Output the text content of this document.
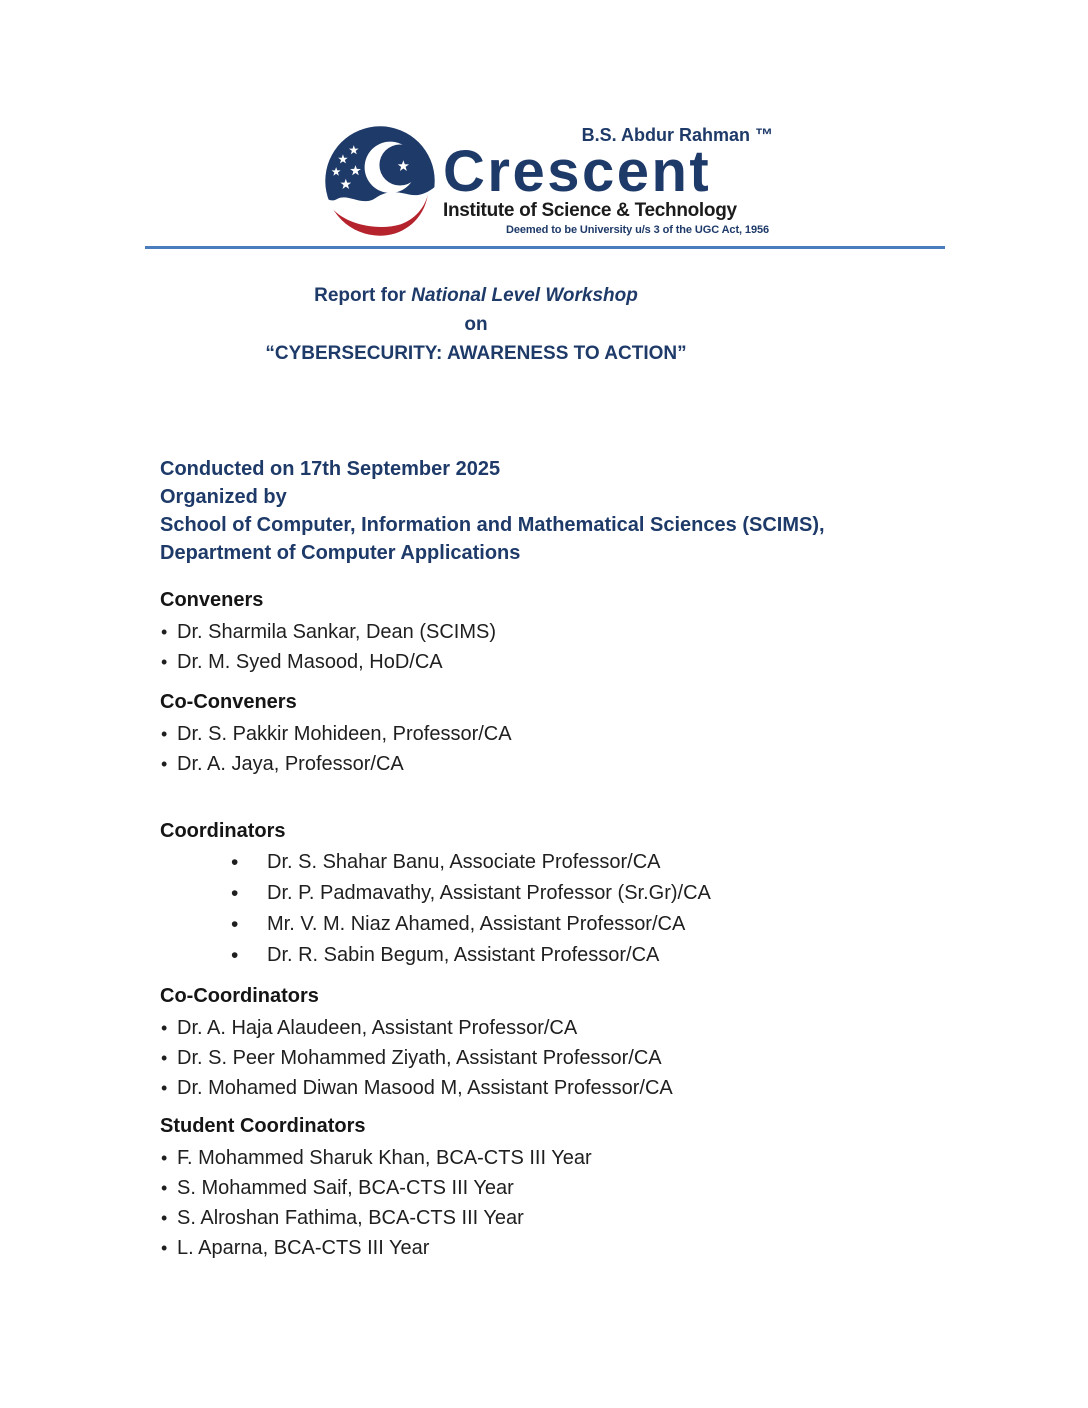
B.S. Abdur Rahman ™
Crescent
Institute of Science & Technology
Deemed to be University u/s 3 of the UGC Act, 1956
Report for National Level Workshop
on
“CYBERSECURITY: AWARENESS TO ACTION”

Conducted on 17th September 2025

Organized by

School of Computer, Information and Mathematical Sciences (SCIMS),

Department of Computer Applications

Conveners

• Dr. Sharmila Sankar, Dean (SCIMS)

• Dr. M. Syed Masood, HoD/CA

Co-Conveners

• Dr. S. Pakkir Mohideen, Professor/CA

• Dr. A. Jaya, Professor/CA

Coordinators

• Dr. S. Shahar Banu, Associate Professor/CA

• Dr. P. Padmavathy, Assistant Professor (Sr.Gr)/CA

• Mr. V. M. Niaz Ahamed, Assistant Professor/CA

• Dr. R. Sabin Begum, Assistant Professor/CA

Co-Coordinators

• Dr. A. Haja Alaudeen, Assistant Professor/CA

• Dr. S. Peer Mohammed Ziyath, Assistant Professor/CA

• Dr. Mohamed Diwan Masood M, Assistant Professor/CA

Student Coordinators

• F. Mohammed Sharuk Khan, BCA-CTS III Year

• S. Mohammed Saif, BCA-CTS III Year

• S. Alroshan Fathima, BCA-CTS III Year

• L. Aparna, BCA-CTS III Year
